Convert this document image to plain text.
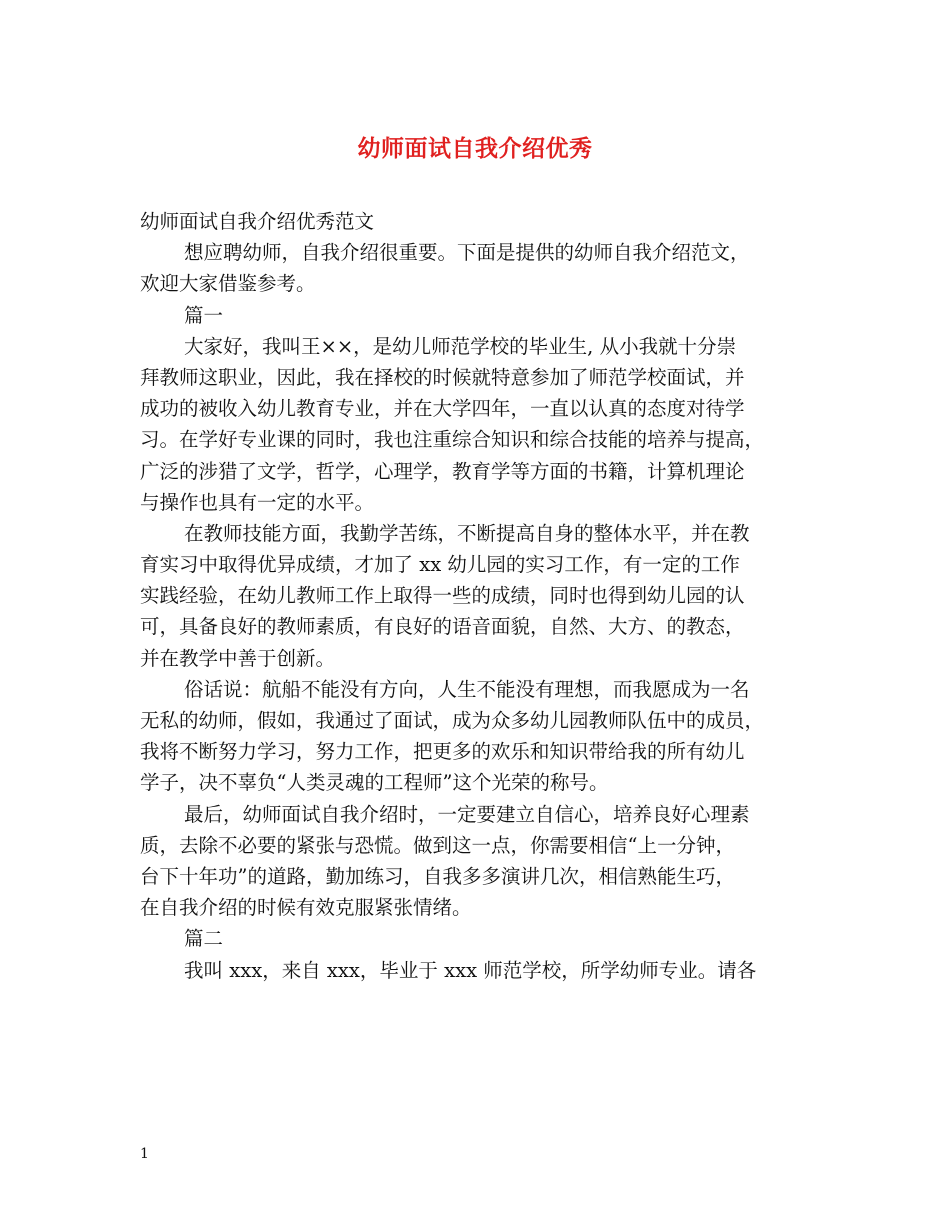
幼师面试自我介绍优秀
幼师面试自我介绍优秀范文
想应聘幼师，自我介绍很重要。下面是提供的幼师自我介绍范文，
欢迎大家借鉴参考。
篇一
大家好，我叫王××，是幼儿师范学校的毕业生, 从小我就十分崇
拜教师这职业，因此，我在择校的时候就特意参加了师范学校面试，并
成功的被收入幼儿教育专业，并在大学四年，一直以认真的态度对待学
习。在学好专业课的同时，我也注重综合知识和综合技能的培养与提高，
广泛的涉猎了文学，哲学，心理学，教育学等方面的书籍，计算机理论
与操作也具有一定的水平。
在教师技能方面，我勤学苦练，不断提高自身的整体水平，并在教
育实习中取得优异成绩，才加了 xx 幼儿园的实习工作，有一定的工作
实践经验，在幼儿教师工作上取得一些的成绩，同时也得到幼儿园的认
可，具备良好的教师素质，有良好的语音面貌，自然、大方、的教态，
并在教学中善于创新。
俗话说：航船不能没有方向，人生不能没有理想，而我愿成为一名
无私的幼师，假如，我通过了面试，成为众多幼儿园教师队伍中的成员，
我将不断努力学习，努力工作，把更多的欢乐和知识带给我的所有幼儿
学子，决不辜负“人类灵魂的工程师”这个光荣的称号。
最后，幼师面试自我介绍时，一定要建立自信心，培养良好心理素
质，去除不必要的紧张与恐慌。做到这一点，你需要相信“上一分钟，
台下十年功”的道路，勤加练习，自我多多演讲几次，相信熟能生巧，
在自我介绍的时候有效克服紧张情绪。
篇二
我叫 xxx，来自 xxx，毕业于 xxx 师范学校，所学幼师专业。请各
1
